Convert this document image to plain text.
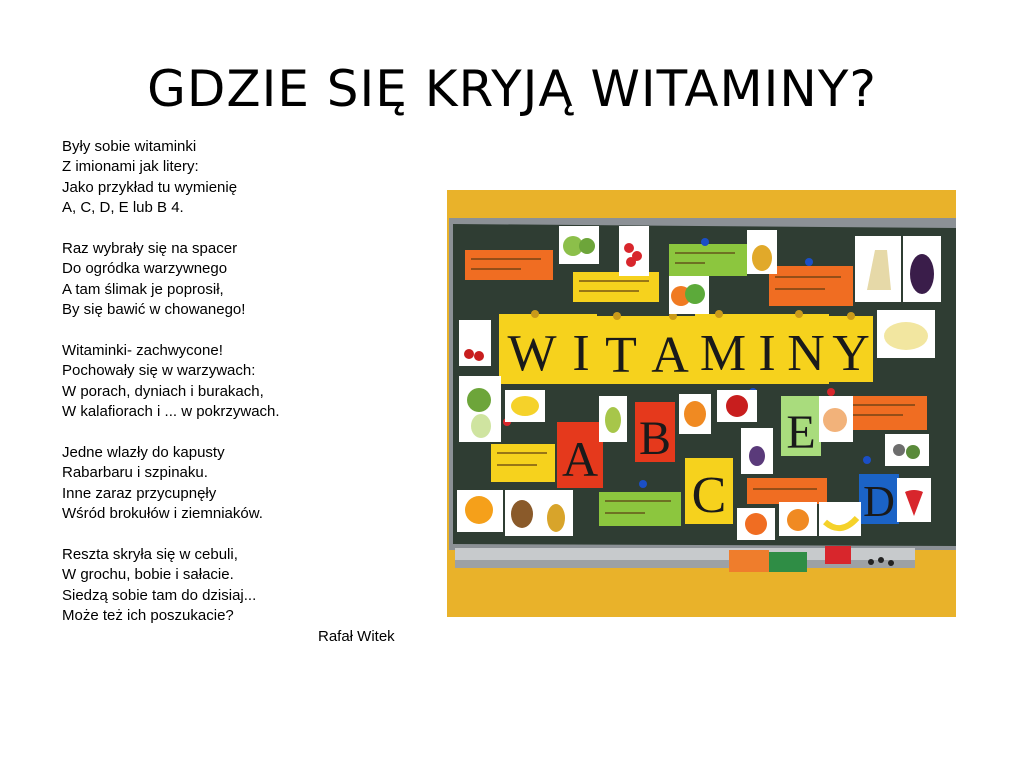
GDZIE SIĘ KRYJĄ WITAMINY?
Były sobie witaminki
Z imionami jak litery:
Jako przykład tu wymienię
A, C, D, E lub B 4.
Raz wybrały się na spacer
Do ogródka warzywnego
A tam ślimak je poprosił,
By się bawić w chowanego!
Witaminki- zachwycone!
Pochowały się w warzywach:
W porach, dyniach i burakach,
W kalafiorach i ... w pokrzywach.
Jedne wlazły do kapusty
Rabarbaru i szpinaku.
Inne zaraz przycupnęły
Wśród brokułów i ziemniaków.
Reszta skryła się w cebuli,
W grochu, bobie i sałacie.
Siedzą sobie tam do dzisiaj...
Może też ich poszukacie?
Rafał Witek
W I T A M I N Y
A B
C
E
D
